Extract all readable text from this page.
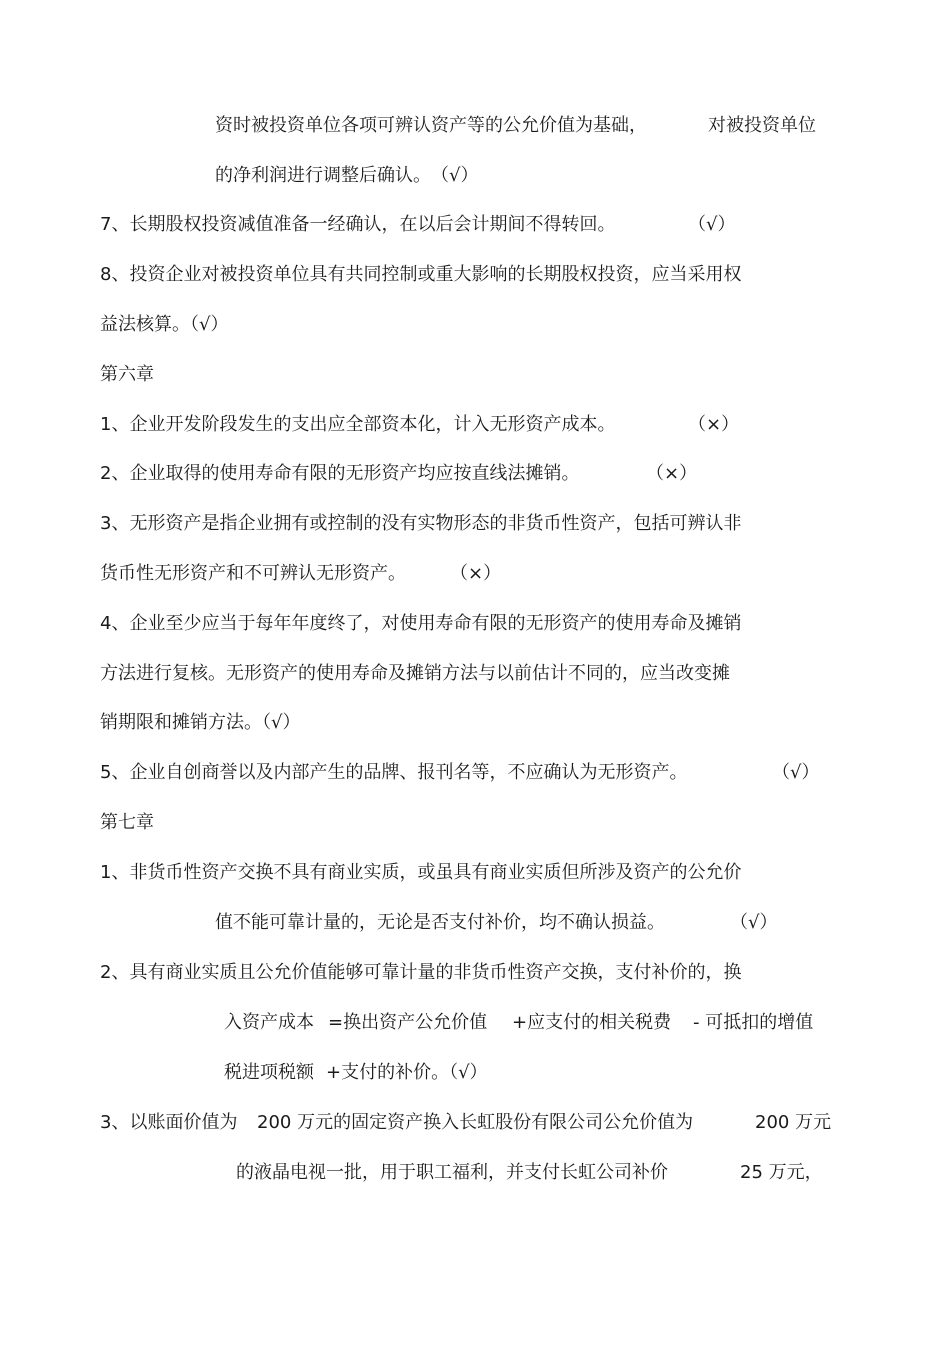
资时被投资单位各项可辨认资产等的公允价值为基础，	对被投资单位
的净利润进行调整后确认。　（√）
7、长期股权投资减值准备一经确认，在以后会计期间不得转回。	（√）
8、投资企业对被投资单位具有共同控制或重大影响的长期股权投资，应当采用权
益法核算。（√）
第六章
1、企业开发阶段发生的支出应全部资本化，计入无形资产成本。	（×）
2、企业取得的使用寿命有限的无形资产均应按直线法摊销。	（×）
3、无形资产是指企业拥有或控制的没有实物形态的非货币性资产，包括可辨认非
货币性无形资产和不可辨认无形资产。 （×）
4、企业至少应当于每年年度终了，对使用寿命有限的无形资产的使用寿命及摊销
方法进行复核。无形资产的使用寿命及摊销方法与以前估计不同的，应当改变摊
销期限和摊销方法。（√）
5、企业自创商誉以及内部产生的品牌、报刊名等，不应确认为无形资产。	（√）
第七章
1、非货币性资产交换不具有商业实质，或虽具有商业实质但所涉及资产的公允价
值不能可靠计量的，无论是否支付补价，均不确认损益。	（√）
2、具有商业实质且公允价值能够可靠计量的非货币性资产交换，支付补价的，换
入资产成本 =换出资产公允价值 +应支付的相关税费 - 可抵扣的增值
税进项税额 +支付的补价。（√）
3、以账面价值为 200 万元的固定资产换入长虹股份有限公司公允价值为	200 万元
的液晶电视一批，用于职工福利，并支付长虹公司补价	25 万元，
